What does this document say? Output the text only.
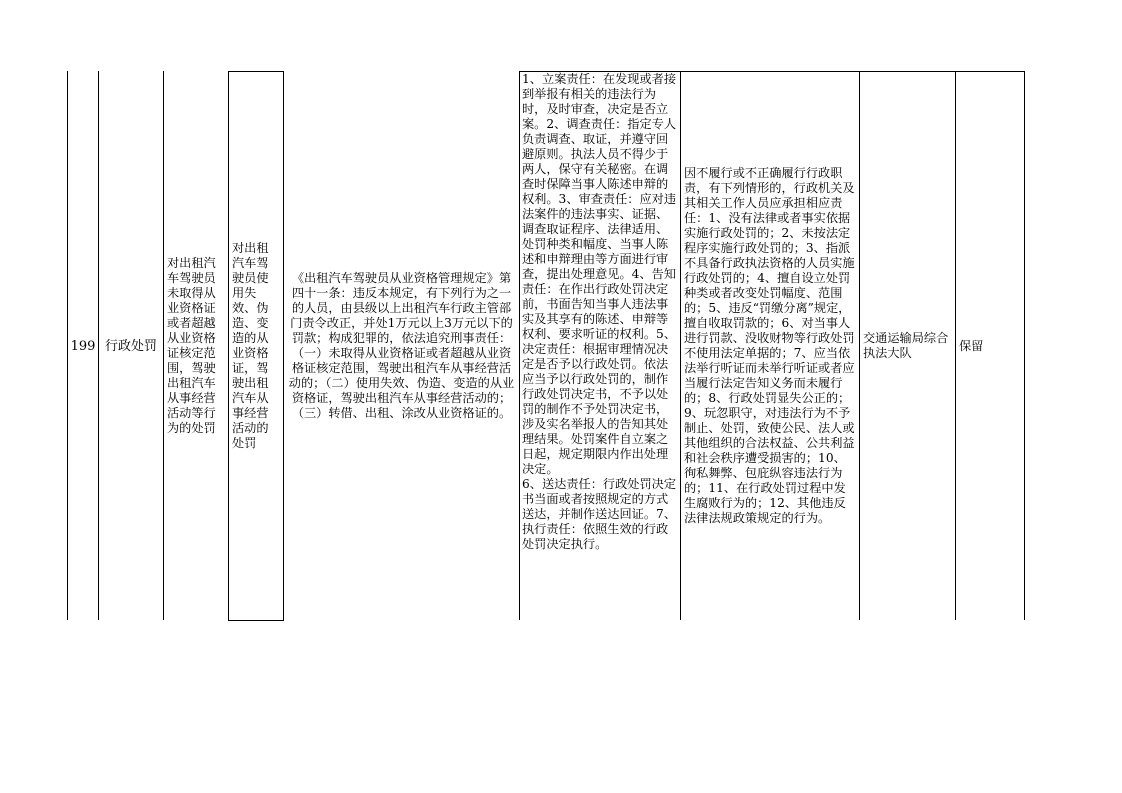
199 行政处罚
对出租汽车驾驶员未取得从业资格证或者超越从业资格证核定范围，驾驶出租汽车从事经营活动等行为的处罚
对出租汽车驾驶员使用失效、伪造、变造的从业资格证，驾驶出租汽车从事经营活动的处罚
《出租汽车驾驶员从业资格管理规定》第四十一条：违反本规定，有下列行为之一的人员，由县级以上出租汽车行政主管部门责令改正，并处1万元以上3万元以下的罚款；构成犯罪的，依法追究刑事责任：（一）未取得从业资格证或者超越从业资格证核定范围，驾驶出租汽车从事经营活动的；（二）使用失效、伪造、变造的从业资格证，驾驶出租汽车从事经营活动的；（三）转借、出租、涂改从业资格证的。
1、立案责任：在发现或者接到举报有相关的违法行为时，及时审查，决定是否立案。2、调查责任：指定专人负责调查、取证，并遵守回避原则。执法人员不得少于两人，保守有关秘密。在调查时保障当事人陈述申辩的权利。3、审查责任：应对违法案件的违法事实、证据、调查取证程序、法律适用、处罚种类和幅度、当事人陈述和申辩理由等方面进行审查，提出处理意见。4、告知责任：在作出行政处罚决定前，书面告知当事人违法事实及其享有的陈述、申辩等权利、要求听证的权利。5、决定责任：根据审理情况决定是否予以行政处罚。依法应当予以行政处罚的，制作行政处罚决定书，不予以处罚的制作不予处罚决定书，涉及实名举报人的告知其处理结果。处罚案件自立案之日起，规定期限内作出处理决定。
6、送达责任：行政处罚决定书当面或者按照规定的方式送达，并制作送达回证。7、执行责任：依照生效的行政处罚决定执行。
因不履行或不正确履行行政职责，有下列情形的，行政机关及其相关工作人员应承担相应责任：1、没有法律或者事实依据实施行政处罚的；2、未按法定程序实施行政处罚的；3、指派不具备行政执法资格的人员实施行政处罚的；4、擅自设立处罚种类或者改变处罚幅度、范围的；5、违反“罚缴分离”规定，擅自收取罚款的；6、对当事人进行罚款、没收财物等行政处罚不使用法定单据的；7、应当依法举行听证而未举行听证或者应当履行法定告知义务而未履行的；8、行政处罚显失公正的；9、玩忽职守，对违法行为不予制止、处罚，致使公民、法人或其他组织的合法权益、公共利益和社会秩序遭受损害的；10、徇私舞弊、包庇纵容违法行为的；11、在行政处罚过程中发生腐败行为的；12、其他违反法律法规政策规定的行为。
交通运输局综合执法大队
保留
